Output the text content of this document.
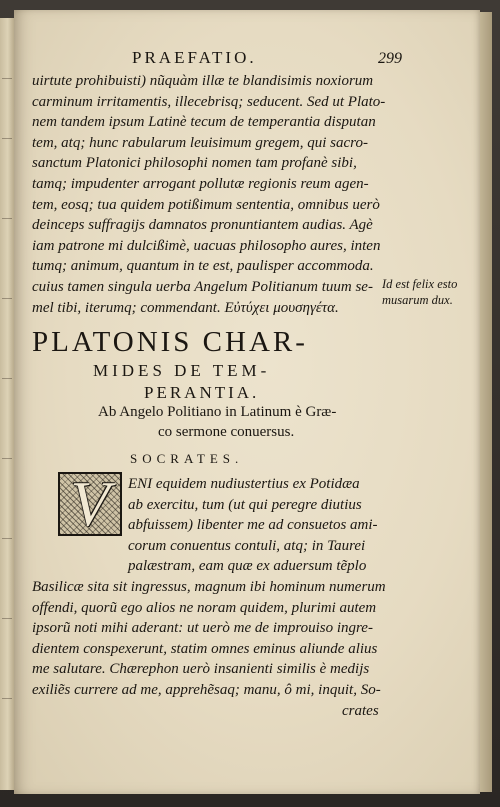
PRAEFATIO.	299
uirtute prohibuisti) nũquàm illæ te blandisimis noxiorum
carminum irritamentis, illecebrisq; seducent. Sed ut Plato-
nem tandem ipsum Latinè tecum de temperantia disputan
tem, atq; hunc rabularum leuisimum gregem, qui sacro-
sanctum Platonici philosophi nomen tam profanè sibi,
tamq; impudenter arrogant pollutæ regionis reum agen-
tem, eosq; tua quidem potißimum sententia, omnibus uerò
deinceps suffragijs damnatos pronuntiantem audias. Agè
iam patrone mi dulcißimè, uacuas philosopho aures, inten
tumq; animum, quantum in te est, paulisper accommoda.
cuius tamen singula uerba Angelum Politianum tuum se-
mel tibi, iterumq; commendant. Εὐτύχει μουσηγέτα.
Id est felix esto
musarum dux.
PLATONIS CHAR-
MIDES DE TEM-
PERANTIA.
Ab Angelo Politiano in Latinum è Græ-
co sermone conuersus.
SOCRATES.
V	ENI equidem nudiustertius ex Potidæa
ab exercitu, tum (ut qui peregre diutius
abfuissem) libenter me ad consuetos ami-
corum conuentus contuli, atq; in Taurei
palæstram, eam quæ ex aduersum tẽplo
Basilicæ sita sit ingressus, magnum ibi hominum numerum
offendi, quorũ ego alios ne noram quidem, plurimi autem
ipsorũ noti mihi aderant: ut uerò me de improuiso ingre-
dientem conspexerunt, statim omnes eminus aliunde alius
me salutare. Chærephon uerò insanienti similis è medijs
exiliẽs currere ad me, apprehẽsaq; manu, ô mi, inquit, So-
crates
